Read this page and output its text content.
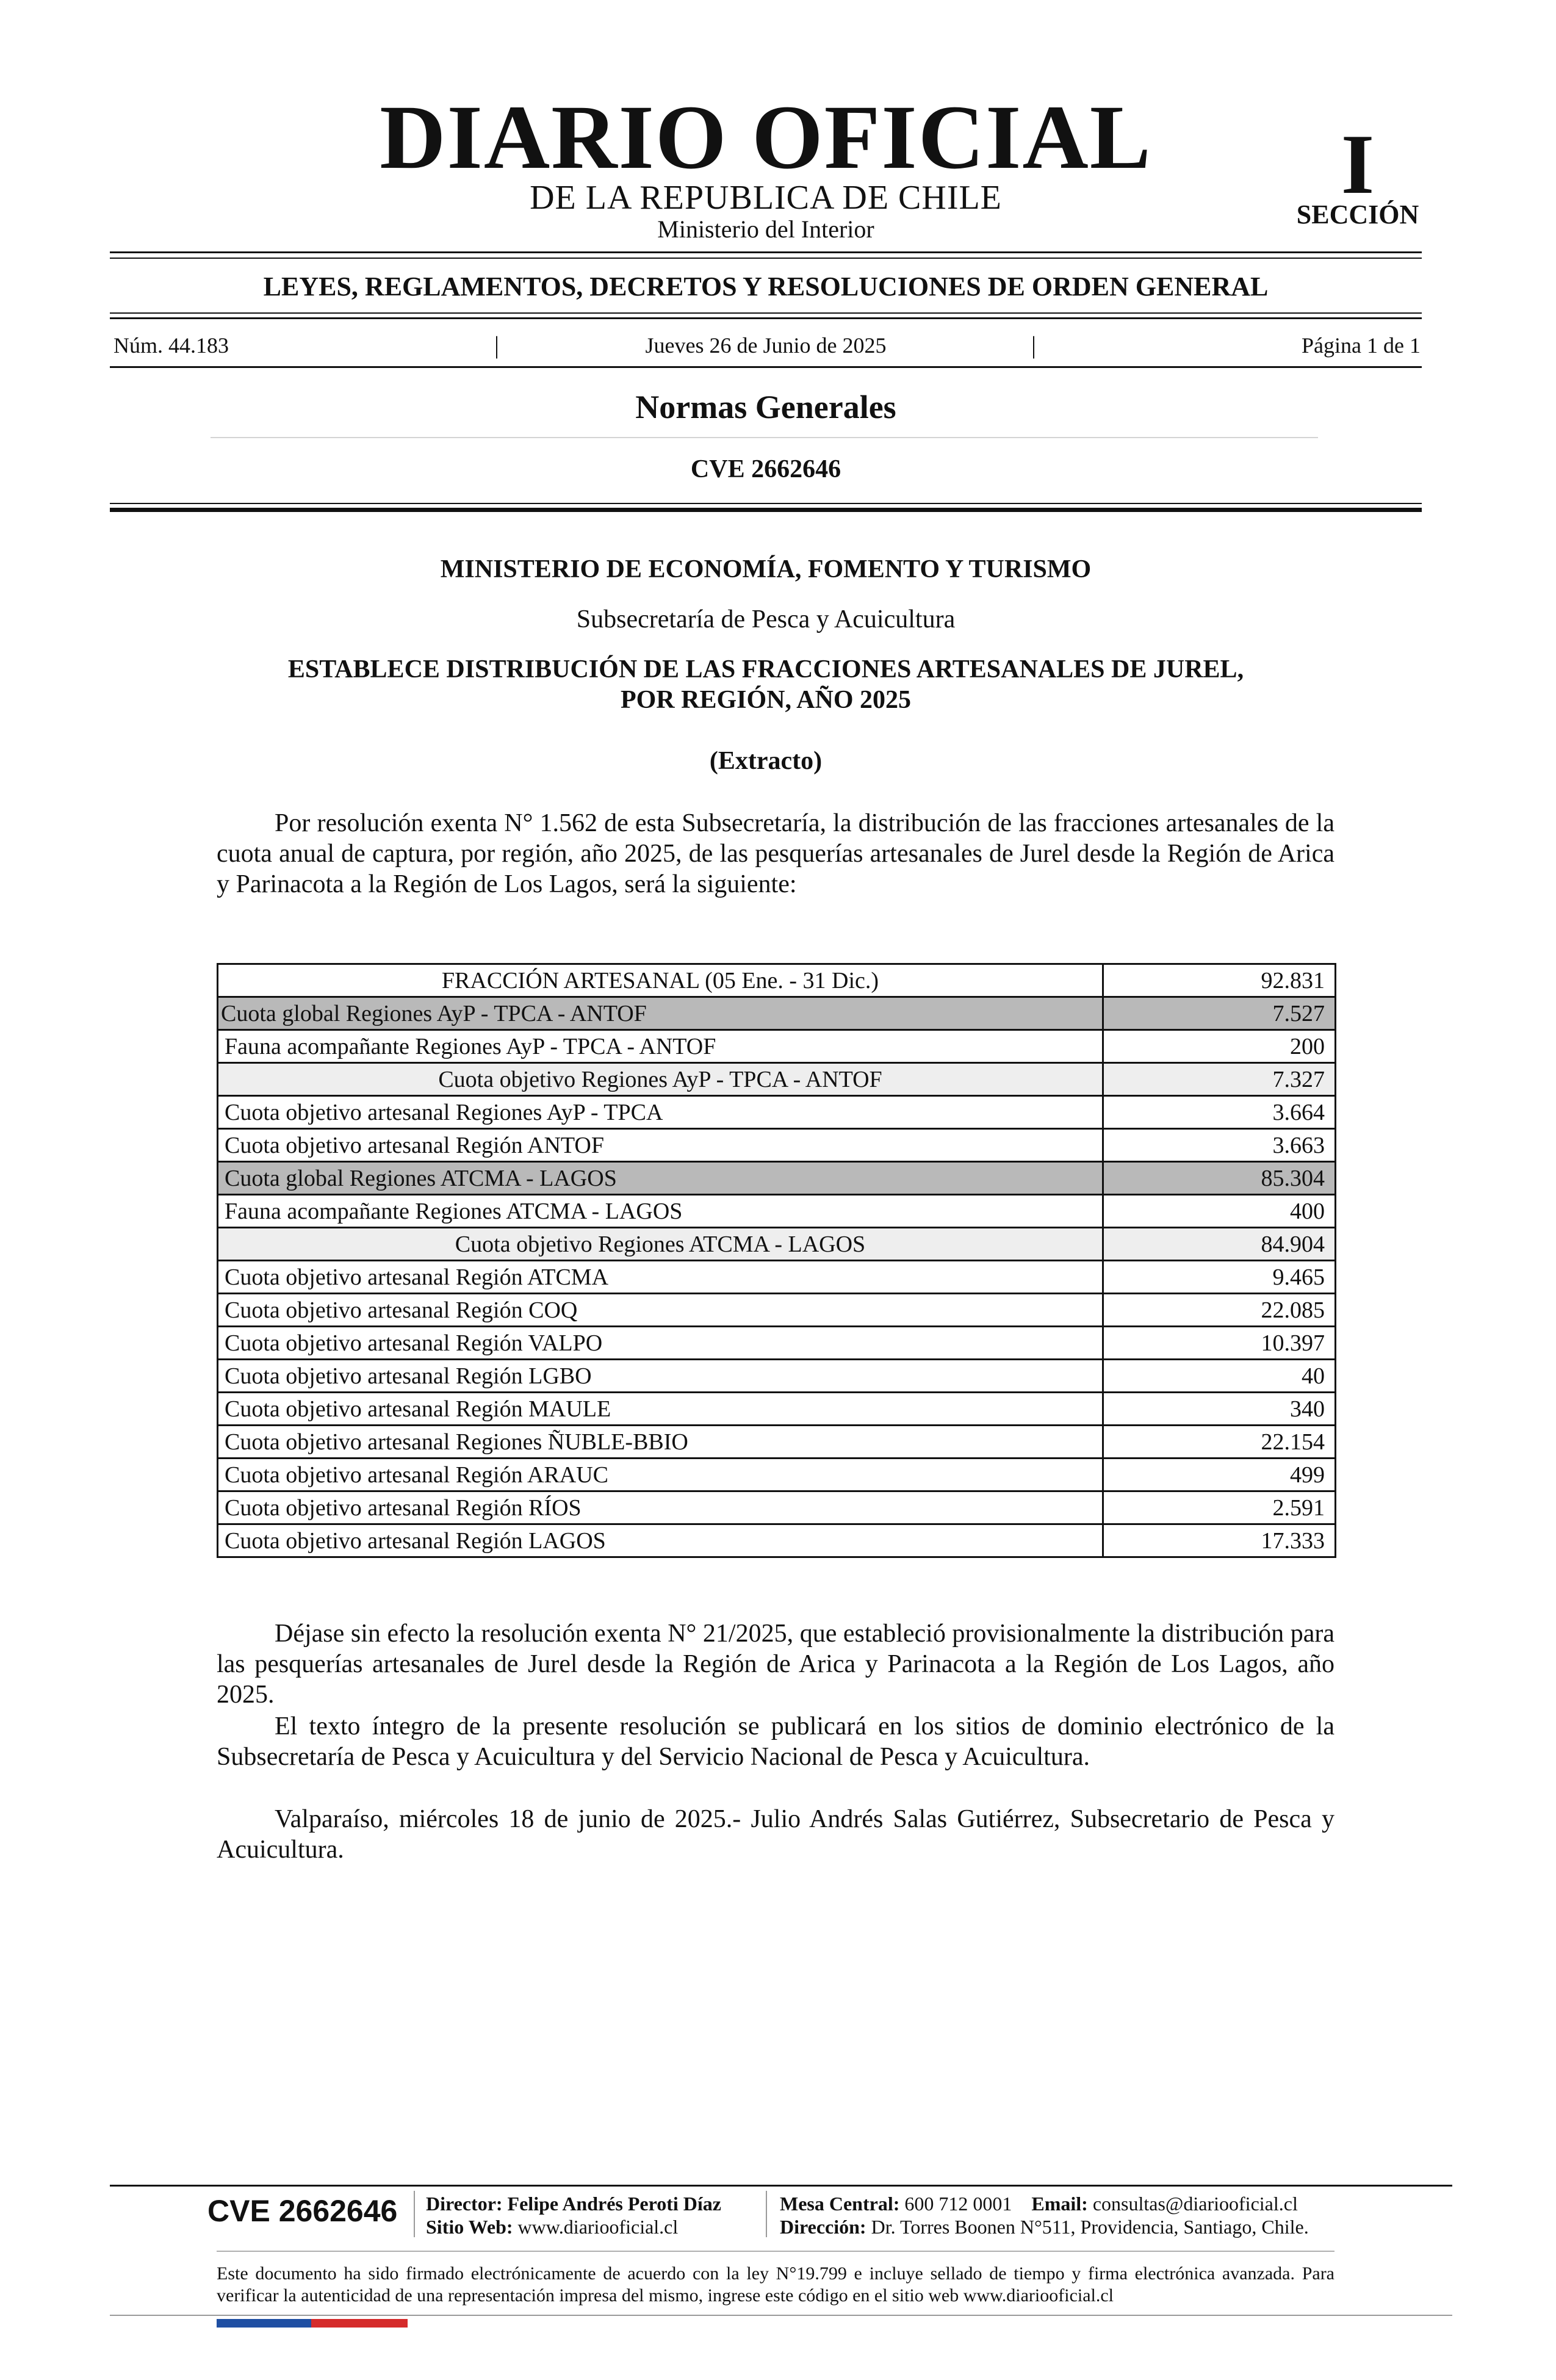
DIARIO OFICIAL
DE LA REPUBLICA DE CHILE
Ministerio del Interior
I
SECCIÓN
LEYES, REGLAMENTOS, DECRETOS Y RESOLUCIONES DE ORDEN GENERAL
Núm. 44.183	|	Jueves 26 de Junio de 2025	|	Página 1 de 1
Normas Generales
CVE 2662646
MINISTERIO DE ECONOMÍA, FOMENTO Y TURISMO
Subsecretaría de Pesca y Acuicultura
ESTABLECE DISTRIBUCIÓN DE LAS FRACCIONES ARTESANALES DE JUREL,
POR REGIÓN, AÑO 2025
(Extracto)

Por resolución exenta N° 1.562 de esta Subsecretaría, la distribución de las fracciones artesanales de la cuota anual de captura, por región, año 2025, de las pesquerías artesanales de Jurel desde la Región de Arica y Parinacota a la Región de Los Lagos, será la siguiente:

FRACCIÓN ARTESANAL (05 Ene. - 31 Dic.)	92.831
Cuota global Regiones AyP - TPCA - ANTOF	7.527
Fauna acompañante Regiones AyP - TPCA - ANTOF	200
Cuota objetivo Regiones AyP - TPCA - ANTOF	7.327
Cuota objetivo artesanal Regiones AyP - TPCA	3.664
Cuota objetivo artesanal Región ANTOF	3.663
Cuota global Regiones ATCMA - LAGOS	85.304
Fauna acompañante Regiones ATCMA - LAGOS	400
Cuota objetivo Regiones ATCMA - LAGOS	84.904
Cuota objetivo artesanal Región ATCMA	9.465
Cuota objetivo artesanal Región COQ	22.085
Cuota objetivo artesanal Región VALPO	10.397
Cuota objetivo artesanal Región LGBO	40
Cuota objetivo artesanal Región MAULE	340
Cuota objetivo artesanal Regiones ÑUBLE-BBIO	22.154
Cuota objetivo artesanal Región ARAUC	499
Cuota objetivo artesanal Región RÍOS	2.591
Cuota objetivo artesanal Región LAGOS	17.333

Déjase sin efecto la resolución exenta N° 21/2025, que estableció provisionalmente la distribución para las pesquerías artesanales de Jurel desde la Región de Arica y Parinacota a la Región de Los Lagos, año 2025.

El texto íntegro de la presente resolución se publicará en los sitios de dominio electrónico de la Subsecretaría de Pesca y Acuicultura y del Servicio Nacional de Pesca y Acuicultura.

Valparaíso, miércoles 18 de junio de 2025.- Julio Andrés Salas Gutiérrez, Subsecretario de Pesca y Acuicultura.

CVE 2662646 Director: Felipe Andrés Peroti Díaz
Sitio Web: www.diariooficial.cl
Mesa Central: 600 712 0001 Email: consultas@diariooficial.cl
Dirección: Dr. Torres Boonen N°511, Providencia, Santiago, Chile.
Este documento ha sido firmado electrónicamente de acuerdo con la ley N°19.799 e incluye sellado de tiempo y firma electrónica avanzada. Para verificar la autenticidad de una representación impresa del mismo, ingrese este código en el sitio web www.diariooficial.cl
